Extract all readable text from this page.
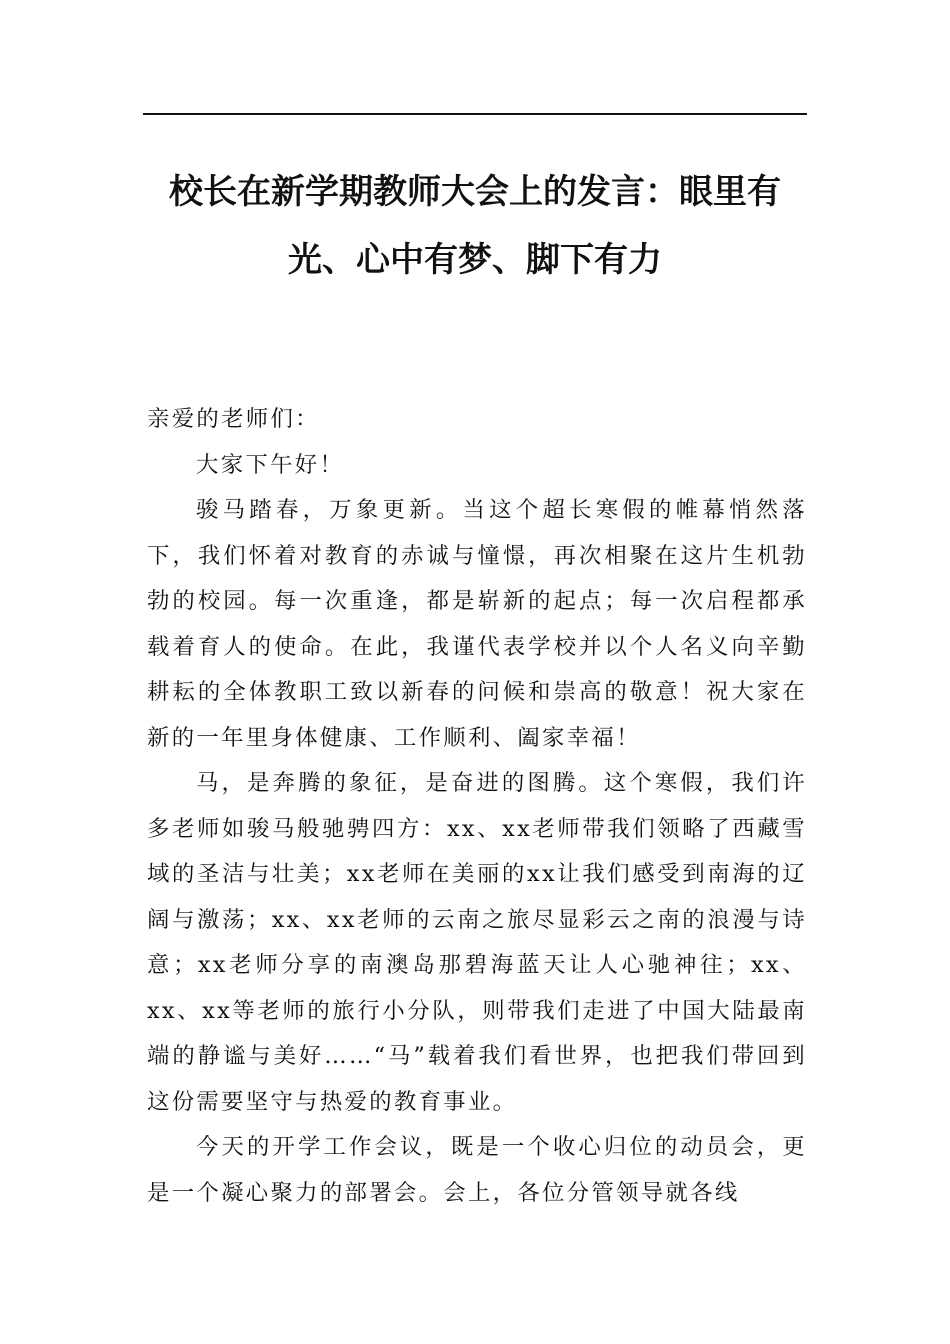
校长在新学期教师大会上的发言：眼里有
光、心中有梦、脚下有力

亲爱的老师们：

大家下午好！

骏马踏春，万象更新。当这个超长寒假的帷幕悄然落下，我们怀着对教育的赤诚与憧憬，再次相聚在这片生机勃勃的校园。每一次重逢，都是崭新的起点；每一次启程都承载着育人的使命。在此，我谨代表学校并以个人名义向辛勤耕耘的全体教职工致以新春的问候和崇高的敬意！祝大家在新的一年里身体健康、工作顺利、阖家幸福！

马，是奔腾的象征，是奋进的图腾。这个寒假，我们许多老师如骏马般驰骋四方：xx、xx老师带我们领略了西藏雪域的圣洁与壮美；xx老师在美丽的xx让我们感受到南海的辽阔与激荡；xx、xx老师的云南之旅尽显彩云之南的浪漫与诗意；xx老师分享的南澳岛那碧海蓝天让人心驰神往；xx、xx、xx等老师的旅行小分队，则带我们走进了中国大陆最南端的静谧与美好……“马”载着我们看世界，也把我们带回到这份需要坚守与热爱的教育事业。

今天的开学工作会议，既是一个收心归位的动员会，更是一个凝心聚力的部署会。会上，各位分管领导就各线
